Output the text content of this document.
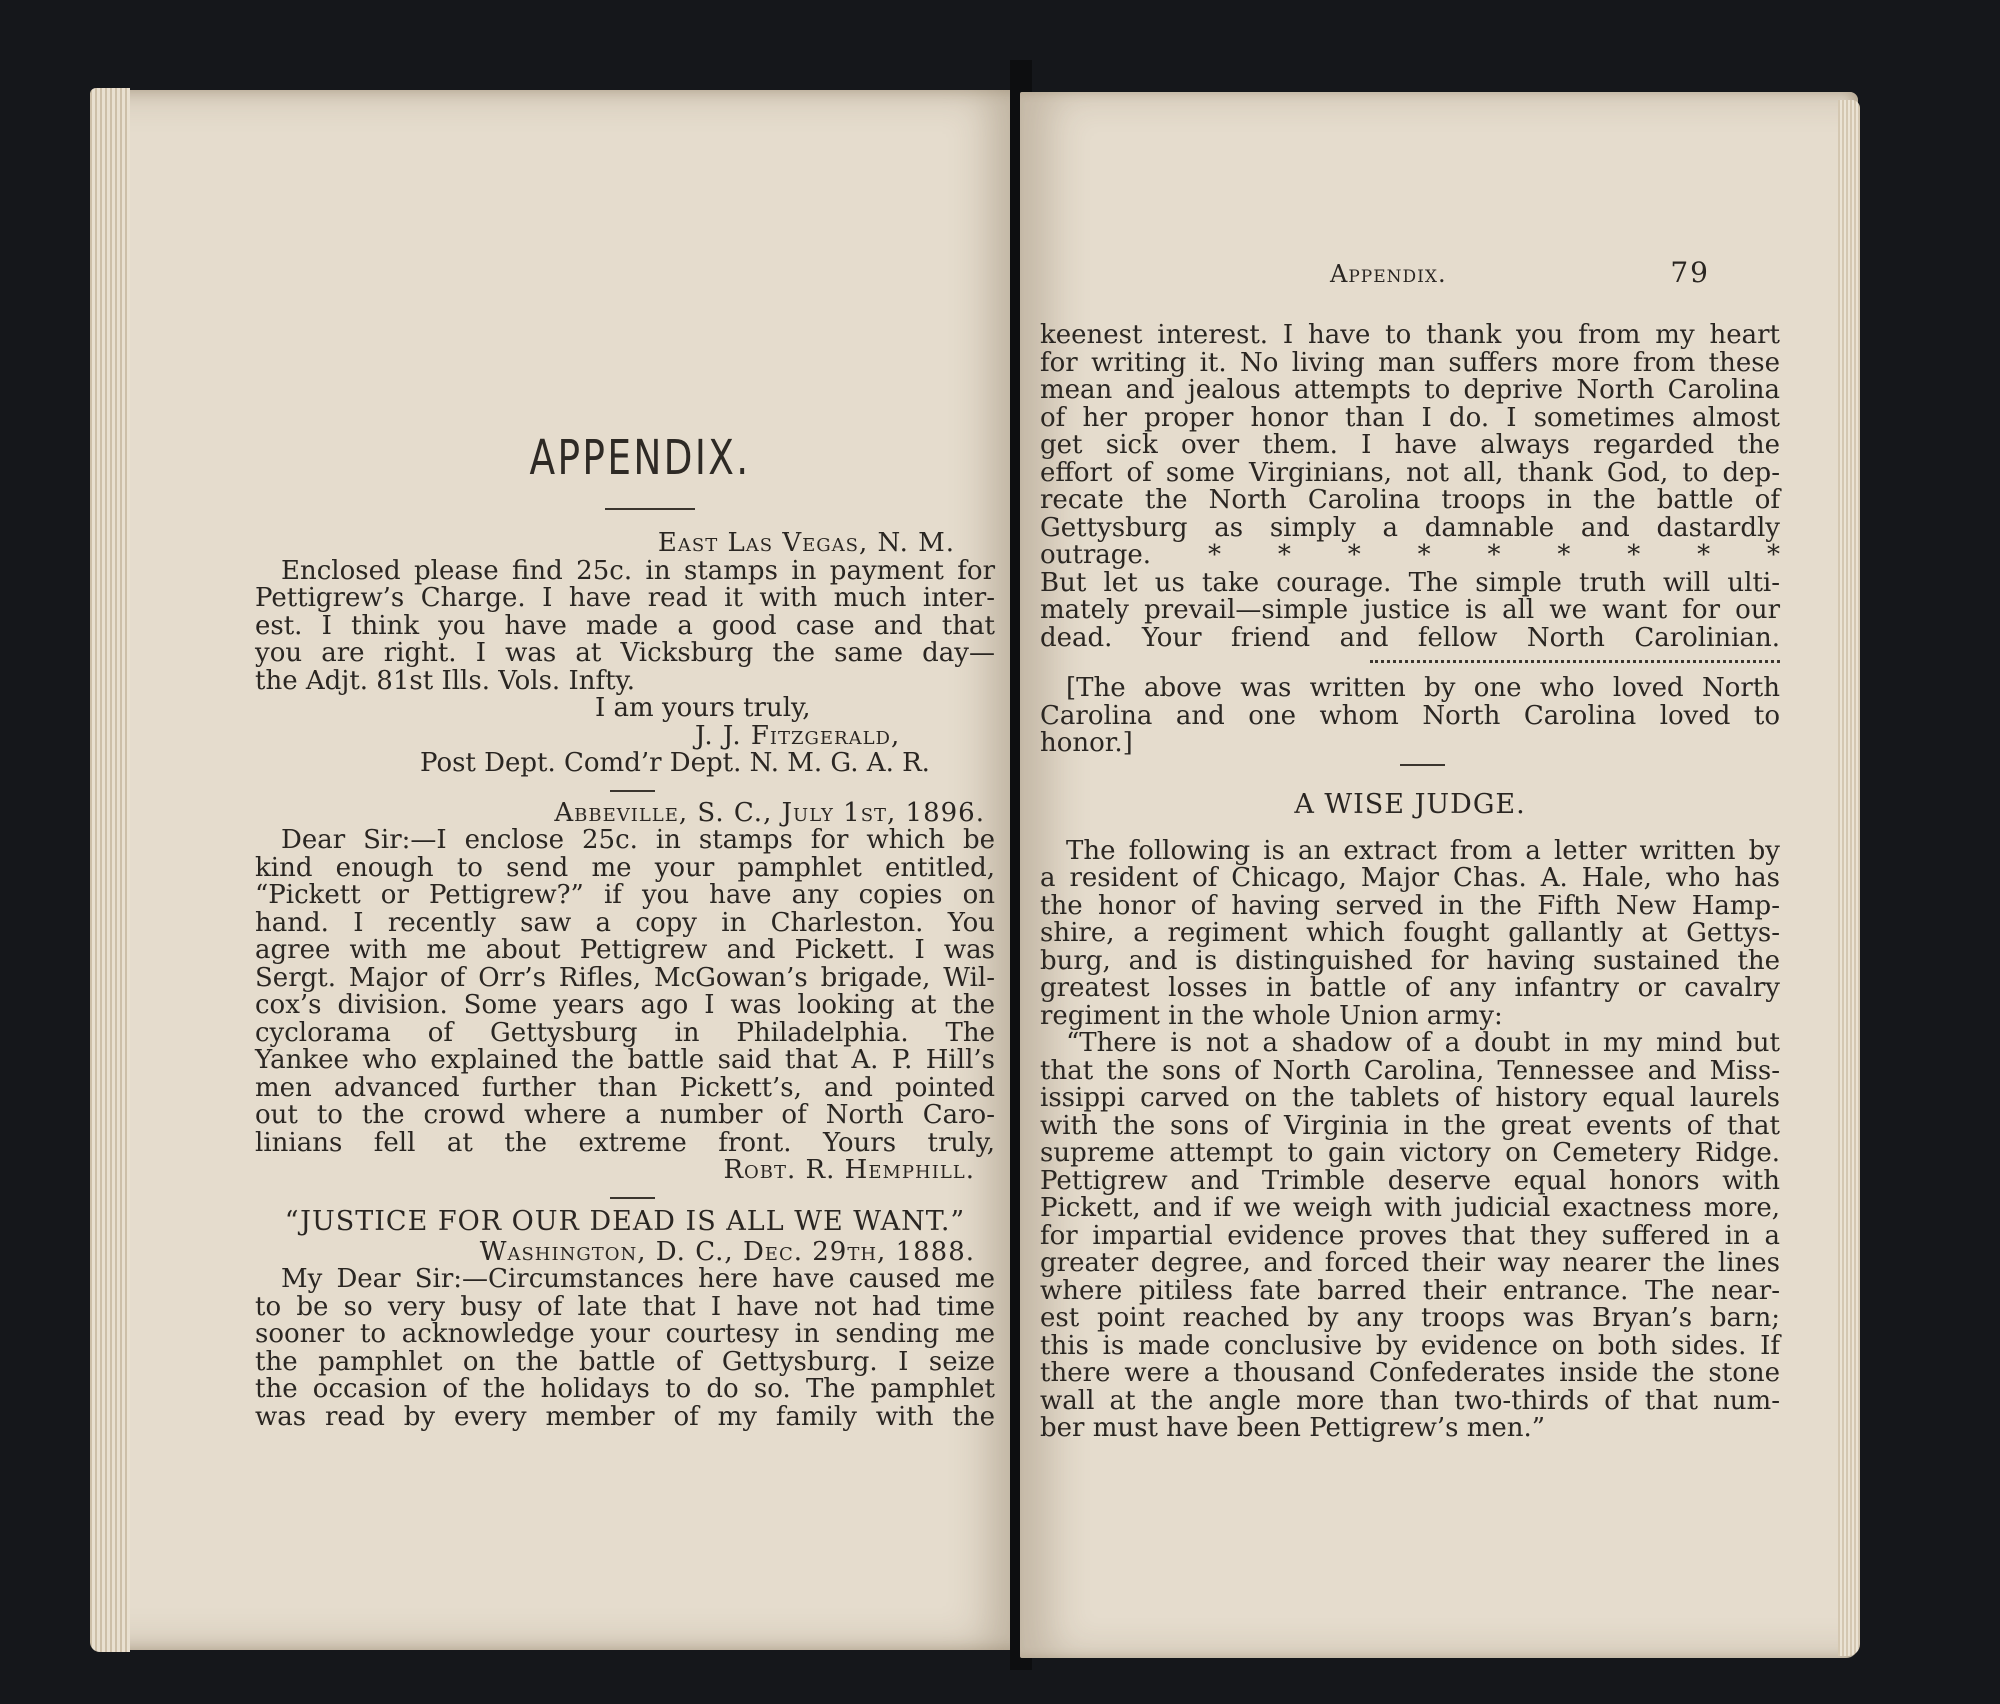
APPENDIX.

East Las Vegas, N. M.

Enclosed please find 25c. in stamps in payment for

Pettigrew’s Charge. I have read it with much inter-

est. I think you have made a good case and that

you are right. I was at Vicksburg the same day—

the Adjt. 81st Ills. Vols. Infty.

I am yours truly,

J. J. Fitzgerald,

Post Dept. Comd’r Dept. N. M. G. A. R.

Abbeville, S. C., July 1st, 1896.

Dear Sir:—I enclose 25c. in stamps for which be

kind enough to send me your pamphlet entitled,

“Pickett or Pettigrew?” if you have any copies on

hand. I recently saw a copy in Charleston. You

agree with me about Pettigrew and Pickett. I was

Sergt. Major of Orr’s Rifles, McGowan’s brigade, Wil-

cox’s division. Some years ago I was looking at the

cyclorama of Gettysburg in Philadelphia. The

Yankee who explained the battle said that A. P. Hill’s

men advanced further than Pickett’s, and pointed

out to the crowd where a number of North Caro-

linians fell at the extreme front. Yours truly,

Robt. R. Hemphill.

“JUSTICE FOR OUR DEAD IS ALL WE WANT.”

Washington, D. C., Dec. 29th, 1888.

My Dear Sir:—Circumstances here have caused me

to be so very busy of late that I have not had time

sooner to acknowledge your courtesy in sending me

the pamphlet on the battle of Gettysburg. I seize

the occasion of the holidays to do so. The pamphlet

was read by every member of my family with the

Appendix.	79

keenest interest. I have to thank you from my heart

for writing it. No living man suffers more from these

mean and jealous attempts to deprive North Carolina

of her proper honor than I do. I sometimes almost

get sick over them. I have always regarded the

effort of some Virginians, not all, thank God, to dep-

recate the North Carolina troops in the battle of

Gettysburg as simply a damnable and dastardly

outrage. * * * * * * * * *

But let us take courage. The simple truth will ulti-

mately prevail—simple justice is all we want for our

dead. Your friend and fellow North Carolinian.

[The above was written by one who loved North

Carolina and one whom North Carolina loved to

honor.]

A WISE JUDGE.

The following is an extract from a letter written by

a resident of Chicago, Major Chas. A. Hale, who has

the honor of having served in the Fifth New Hamp-

shire, a regiment which fought gallantly at Gettys-

burg, and is distinguished for having sustained the

greatest losses in battle of any infantry or cavalry

regiment in the whole Union army:

“There is not a shadow of a doubt in my mind but

that the sons of North Carolina, Tennessee and Miss-

issippi carved on the tablets of history equal laurels

with the sons of Virginia in the great events of that

supreme attempt to gain victory on Cemetery Ridge.

Pettigrew and Trimble deserve equal honors with

Pickett, and if we weigh with judicial exactness more,

for impartial evidence proves that they suffered in a

greater degree, and forced their way nearer the lines

where pitiless fate barred their entrance. The near-

est point reached by any troops was Bryan’s barn;

this is made conclusive by evidence on both sides. If

there were a thousand Confederates inside the stone

wall at the angle more than two-thirds of that num-

ber must have been Pettigrew’s men.”
